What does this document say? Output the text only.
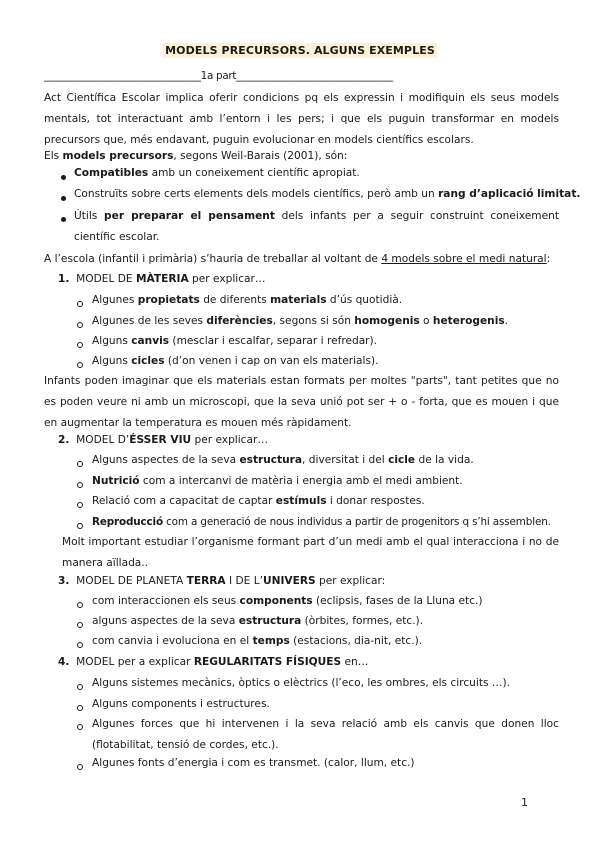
MODELS PRECURSORS. ALGUNS EXEMPLES
________________________________1a part________________________________
Act Científica Escolar implica oferir condicions pq els expressin i modifiquin els seus models mentals, tot interactuant amb l’entorn i les pers; i que els puguin transformar en models precursors que, més endavant, puguin evolucionar en models científics escolars.
Els models precursors, segons Weil-Barais (2001), són:
Compatibles amb un coneixement científic apropiat.
Construïts sobre certs elements dels models científics, però amb un rang d’aplicació limitat.
Útils per preparar el pensament dels infants per a seguir construint coneixement científic escolar.
A l’escola (infantil i primària) s’hauria de treballar al voltant de 4 models sobre el medi natural:
1. MODEL DE MÀTERIA per explicar…
Algunes propietats de diferents materials d’ús quotidià.
Algunes de les seves diferències, segons si són homogenis o heterogenis.
Alguns canvis (mesclar i escalfar, separar i refredar).
Alguns cicles (d’on venen i cap on van els materials).
Infants poden imaginar que els materials estan formats per moltes "parts", tant petites que no es poden veure ni amb un microscopi, que la seva unió pot ser + o - forta, que es mouen i que en augmentar la temperatura es mouen més ràpidament.
2. MODEL D’ÉSSER VIU per explicar…
Alguns aspectes de la seva estructura, diversitat i del cicle de la vida.
Nutrició com a intercanvi de matèria i energia amb el medi ambient.
Relació com a capacitat de captar estímuls i donar respostes.
Reproducció com a generació de nous individus a partir de progenitors q s’hi assemblen.
Molt important estudiar l’organisme formant part d’un medi amb el qual interacciona i no de manera aïllada..
3. MODEL DE PLANETA TERRA I DE L’UNIVERS per explicar:
com interaccionen els seus components (eclipsis, fases de la Lluna etc.)
alguns aspectes de la seva estructura (òrbites, formes, etc.).
com canvia i evoluciona en el temps (estacions, dia-nit, etc.).
4. MODEL per a explicar REGULARITATS FÍSIQUES en…
Alguns sistemes mecànics, òptics o elèctrics (l’eco, les ombres, els circuits …).
Alguns components i estructures.
Algunes forces que hi intervenen i la seva relació amb els canvis que donen lloc (flotabilitat, tensió de cordes, etc.).
Algunes fonts d’energia i com es transmet. (calor, llum, etc.)
1
